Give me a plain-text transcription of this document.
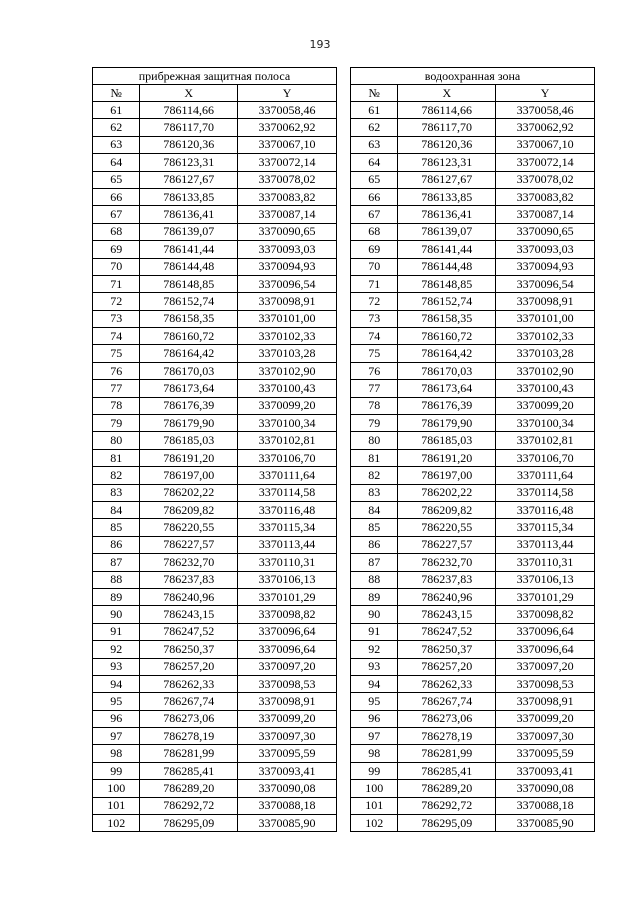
193
прибрежная защитная полоса				водоохранная зона		
№	X	Y		№	X	Y
61	786114,66	3370058,46		61	786114,66	3370058,46
62	786117,70	3370062,92		62	786117,70	3370062,92
63	786120,36	3370067,10		63	786120,36	3370067,10
64	786123,31	3370072,14		64	786123,31	3370072,14
65	786127,67	3370078,02		65	786127,67	3370078,02
66	786133,85	3370083,82		66	786133,85	3370083,82
67	786136,41	3370087,14		67	786136,41	3370087,14
68	786139,07	3370090,65		68	786139,07	3370090,65
69	786141,44	3370093,03		69	786141,44	3370093,03
70	786144,48	3370094,93		70	786144,48	3370094,93
71	786148,85	3370096,54		71	786148,85	3370096,54
72	786152,74	3370098,91		72	786152,74	3370098,91
73	786158,35	3370101,00		73	786158,35	3370101,00
74	786160,72	3370102,33		74	786160,72	3370102,33
75	786164,42	3370103,28		75	786164,42	3370103,28
76	786170,03	3370102,90		76	786170,03	3370102,90
77	786173,64	3370100,43		77	786173,64	3370100,43
78	786176,39	3370099,20		78	786176,39	3370099,20
79	786179,90	3370100,34		79	786179,90	3370100,34
80	786185,03	3370102,81		80	786185,03	3370102,81
81	786191,20	3370106,70		81	786191,20	3370106,70
82	786197,00	3370111,64		82	786197,00	3370111,64
83	786202,22	3370114,58		83	786202,22	3370114,58
84	786209,82	3370116,48		84	786209,82	3370116,48
85	786220,55	3370115,34		85	786220,55	3370115,34
86	786227,57	3370113,44		86	786227,57	3370113,44
87	786232,70	3370110,31		87	786232,70	3370110,31
88	786237,83	3370106,13		88	786237,83	3370106,13
89	786240,96	3370101,29		89	786240,96	3370101,29
90	786243,15	3370098,82		90	786243,15	3370098,82
91	786247,52	3370096,64		91	786247,52	3370096,64
92	786250,37	3370096,64		92	786250,37	3370096,64
93	786257,20	3370097,20		93	786257,20	3370097,20
94	786262,33	3370098,53		94	786262,33	3370098,53
95	786267,74	3370098,91		95	786267,74	3370098,91
96	786273,06	3370099,20		96	786273,06	3370099,20
97	786278,19	3370097,30		97	786278,19	3370097,30
98	786281,99	3370095,59		98	786281,99	3370095,59
99	786285,41	3370093,41		99	786285,41	3370093,41
100	786289,20	3370090,08		100	786289,20	3370090,08
101	786292,72	3370088,18		101	786292,72	3370088,18
102	786295,09	3370085,90		102	786295,09	3370085,90
